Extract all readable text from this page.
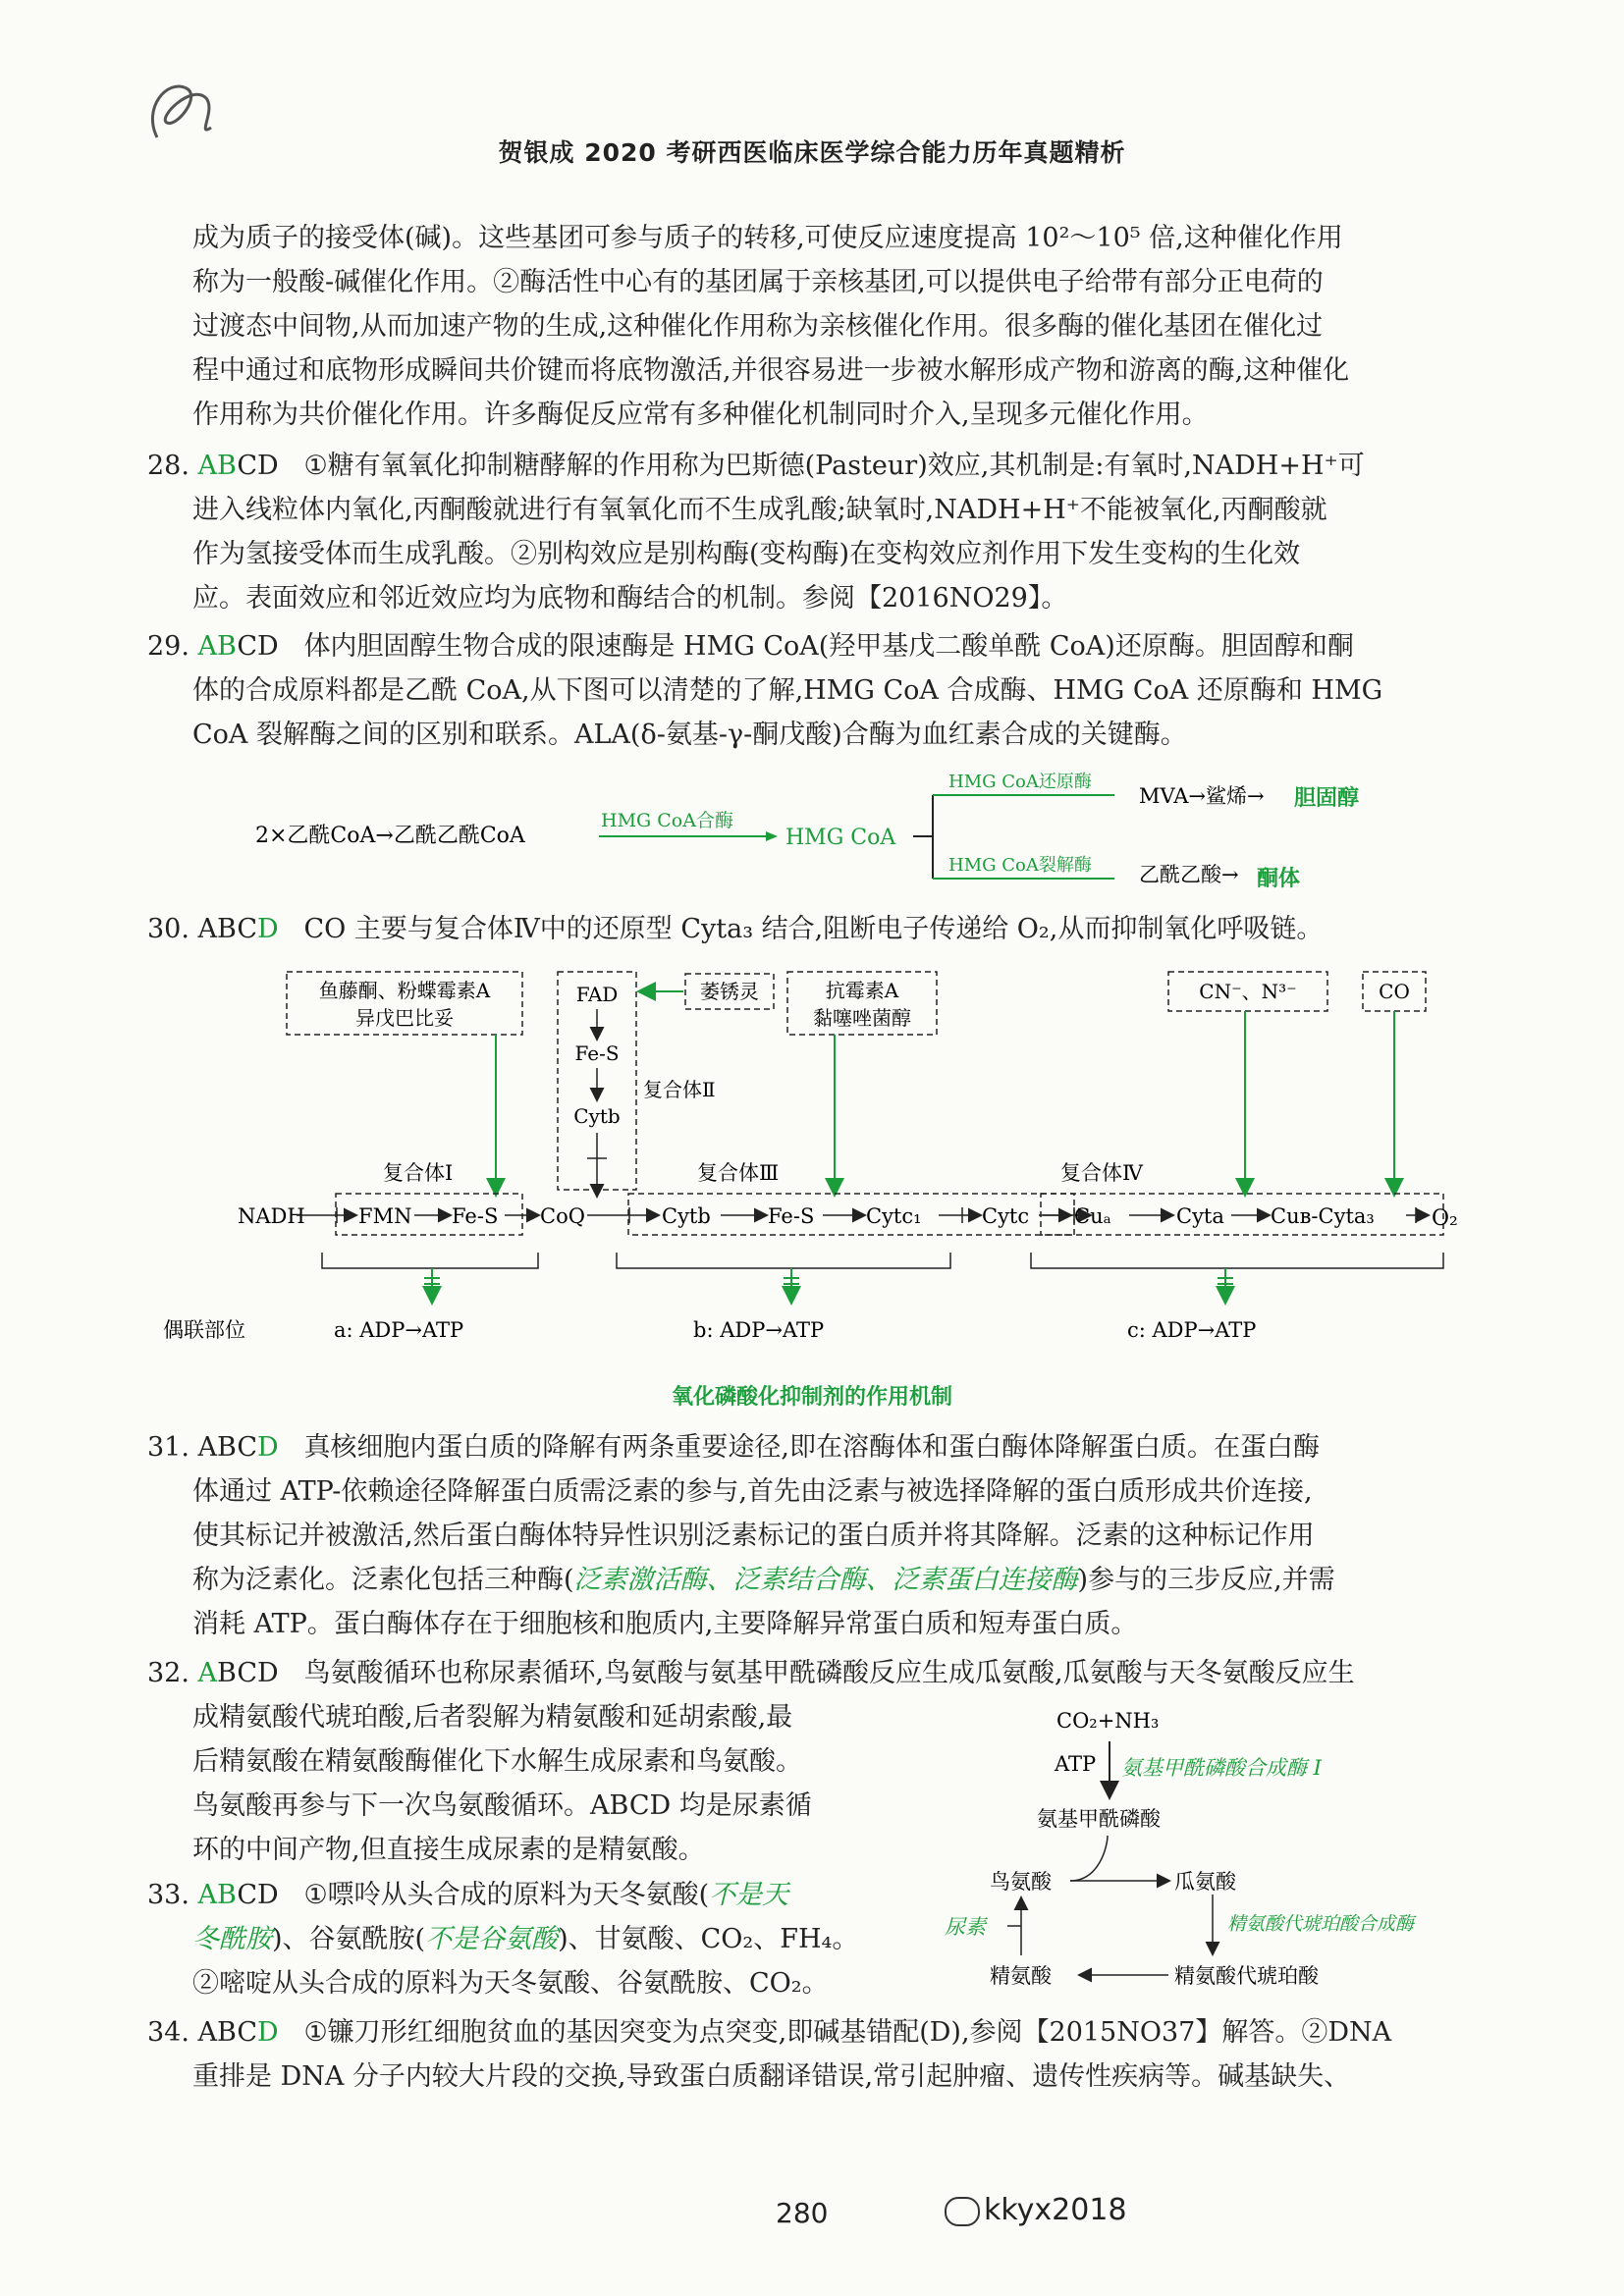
贺银成 2020 考研西医临床医学综合能力历年真题精析
成为质子的接受体(碱)。这些基团可参与质子的转移,可使反应速度提高 10²～10⁵ 倍,这种催化作用
称为一般酸-碱催化作用。②酶活性中心有的基团属于亲核基团,可以提供电子给带有部分正电荷的
过渡态中间物,从而加速产物的生成,这种催化作用称为亲核催化作用。很多酶的催化基团在催化过
程中通过和底物形成瞬间共价键而将底物激活,并很容易进一步被水解形成产物和游离的酶,这种催化
作用称为共价催化作用。许多酶促反应常有多种催化机制同时介入,呈现多元催化作用。
28. ABCD ①糖有氧氧化抑制糖酵解的作用称为巴斯德(Pasteur)效应,其机制是:有氧时,NADH+H⁺可
进入线粒体内氧化,丙酮酸就进行有氧氧化而不生成乳酸;缺氧时,NADH+H⁺不能被氧化,丙酮酸就
作为氢接受体而生成乳酸。②别构效应是别构酶(变构酶)在变构效应剂作用下发生变构的生化效
应。表面效应和邻近效应均为底物和酶结合的机制。参阅【2016NO29】。
29. ABCD 体内胆固醇生物合成的限速酶是 HMG CoA(羟甲基戊二酸单酰 CoA)还原酶。胆固醇和酮
体的合成原料都是乙酰 CoA,从下图可以清楚的了解,HMG CoA 合成酶、HMG CoA 还原酶和 HMG
CoA 裂解酶之间的区别和联系。ALA(δ-氨基-γ-酮戊酸)合酶为血红素合成的关键酶。
2×乙酰CoA→乙酰乙酰CoA
HMG CoA合酶
HMG CoA
HMG CoA还原酶
HMG CoA裂解酶
MVA→鲨烯→ 胆固醇
乙酰乙酸→ 酮体
30. ABCD CO 主要与复合体Ⅳ中的还原型 Cyta₃ 结合,阻断电子传递给 O₂,从而抑制氧化呼吸链。
鱼藤酮、粉蝶霉素A
异戊巴比妥
FAD
Fe-S
Cytb
复合体Ⅱ
萎锈灵	抗霉素A
黏噻唑菌醇
CN⁻、N³⁻	CO
复合体Ⅰ	复合体Ⅲ	复合体Ⅳ
NADH	FMN Fe-S CoQ	Cytb	Fe-S	Cytc₁	Cytc Cuₐ	Cyta Cuʙ-Cyta₃	O₂
偶联部位	a: ADP→ATP	b: ADP→ATP	c: ADP→ATP
氧化磷酸化抑制剂的作用机制
31. ABCD 真核细胞内蛋白质的降解有两条重要途径,即在溶酶体和蛋白酶体降解蛋白质。在蛋白酶
体通过 ATP-依赖途径降解蛋白质需泛素的参与,首先由泛素与被选择降解的蛋白质形成共价连接,
使其标记并被激活,然后蛋白酶体特异性识别泛素标记的蛋白质并将其降解。泛素的这种标记作用
称为泛素化。泛素化包括三种酶(泛素激活酶、泛素结合酶、泛素蛋白连接酶)参与的三步反应,并需
消耗 ATP。蛋白酶体存在于细胞核和胞质内,主要降解异常蛋白质和短寿蛋白质。
32. ABCD 鸟氨酸循环也称尿素循环,鸟氨酸与氨基甲酰磷酸反应生成瓜氨酸,瓜氨酸与天冬氨酸反应生
成精氨酸代琥珀酸,后者裂解为精氨酸和延胡索酸,最
后精氨酸在精氨酸酶催化下水解生成尿素和鸟氨酸。
鸟氨酸再参与下一次鸟氨酸循环。ABCD 均是尿素循
环的中间产物,但直接生成尿素的是精氨酸。
33. ABCD ①嘌呤从头合成的原料为天冬氨酸(不是天
冬酰胺)、谷氨酰胺(不是谷氨酸)、甘氨酸、CO₂、FH₄。
②嘧啶从头合成的原料为天冬氨酸、谷氨酰胺、CO₂。
CO₂+NH₃
ATP 氨基甲酰磷酸合成酶 I
氨基甲酰磷酸
鸟氨酸	瓜氨酸
精氨酸代琥珀酸合成酶
尿素
精氨酸	精氨酸代琥珀酸
34. ABCD ①镰刀形红细胞贫血的基因突变为点突变,即碱基错配(D),参阅【2015NO37】解答。②DNA
重排是 DNA 分子内较大片段的交换,导致蛋白质翻译错误,常引起肿瘤、遗传性疾病等。碱基缺失、
280	kkyx2018
